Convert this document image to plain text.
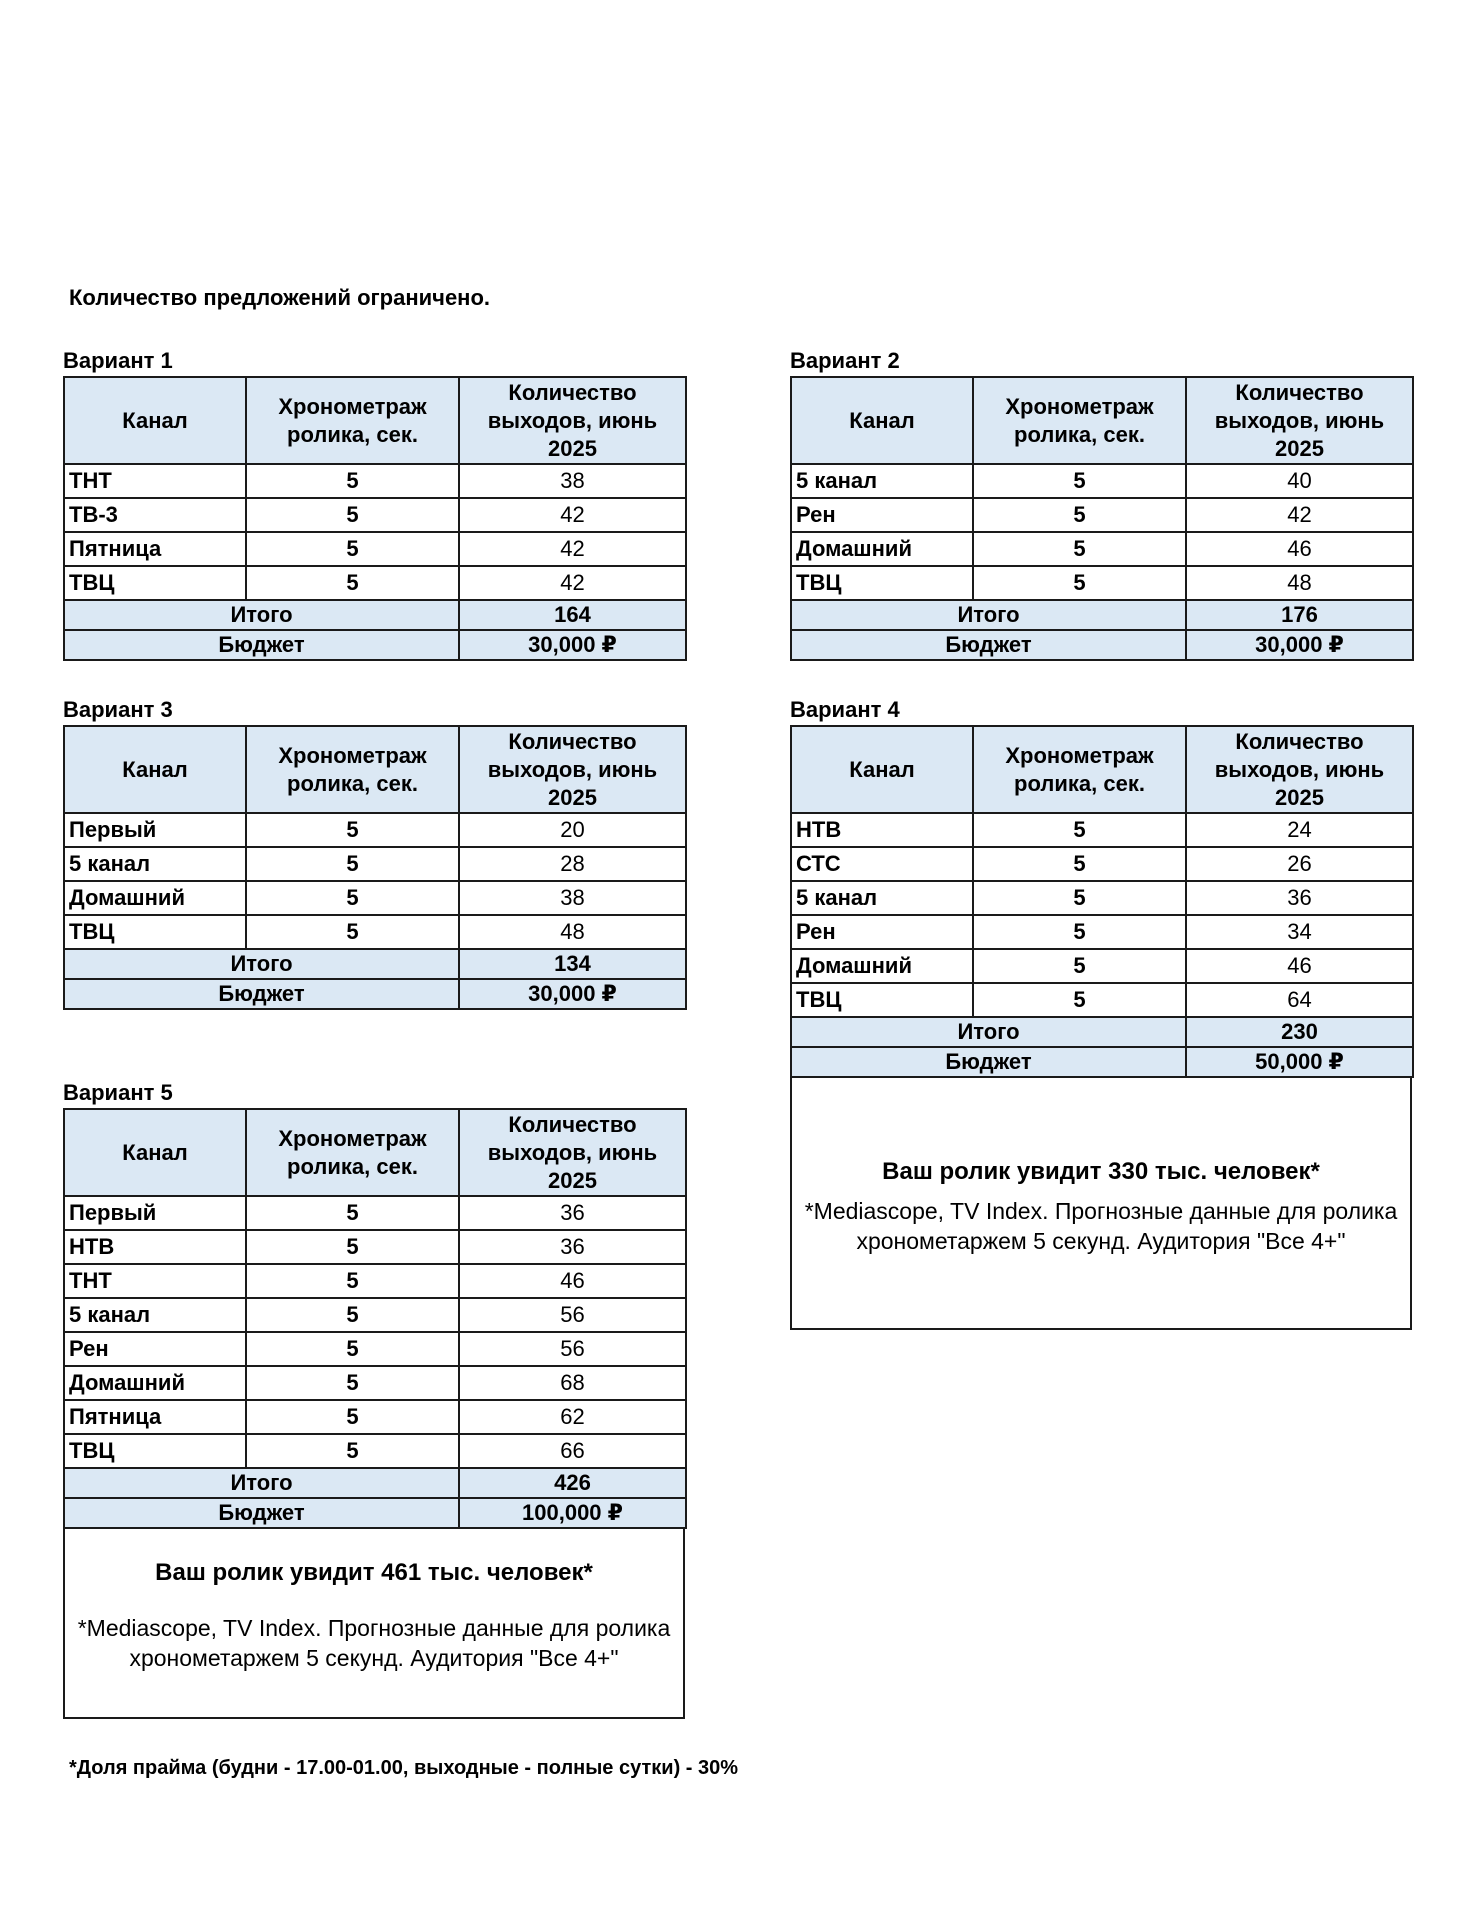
Количество предложений ограничено.
Вариант 1
Канал	Хронометраж ролика, сек.	Количество выходов, июнь 2025
ТНТ	5	38
ТВ-3	5	42
Пятница	5	42
ТВЦ	5	42
Итого		164
Бюджет		30,000 ₽
Вариант 2
Канал	Хронометраж ролика, сек.	Количество выходов, июнь 2025
5 канал	5	40
Рен	5	42
Домашний	5	46
ТВЦ	5	48
Итого		176
Бюджет		30,000 ₽
Вариант 3
Канал	Хронометраж ролика, сек.	Количество выходов, июнь 2025
Первый	5	20
5 канал	5	28
Домашний	5	38
ТВЦ	5	48
Итого		134
Бюджет		30,000 ₽
Вариант 4
Канал	Хронометраж ролика, сек.	Количество выходов, июнь 2025
НТВ	5	24
СТС	5	26
5 канал	5	36
Рен	5	34
Домашний	5	46
ТВЦ	5	64
Итого		230
Бюджет		50,000 ₽
Ваш ролик увидит 330 тыс. человек*
*Mediascope, TV Index. Прогнозные данные для ролика хронометаржем 5 секунд. Аудитория "Все 4+"
Вариант 5
Канал	Хронометраж ролика, сек.	Количество выходов, июнь 2025
Первый	5	36
НТВ	5	36
ТНТ	5	46
5 канал	5	56
Рен	5	56
Домашний	5	68
Пятница	5	62
ТВЦ	5	66
Итого		426
Бюджет		100,000 ₽
Ваш ролик увидит 461 тыс. человек*
*Mediascope, TV Index. Прогнозные данные для ролика хронометаржем 5 секунд. Аудитория "Все 4+"
*Доля прайма (будни - 17.00-01.00, выходные - полные сутки) - 30%
